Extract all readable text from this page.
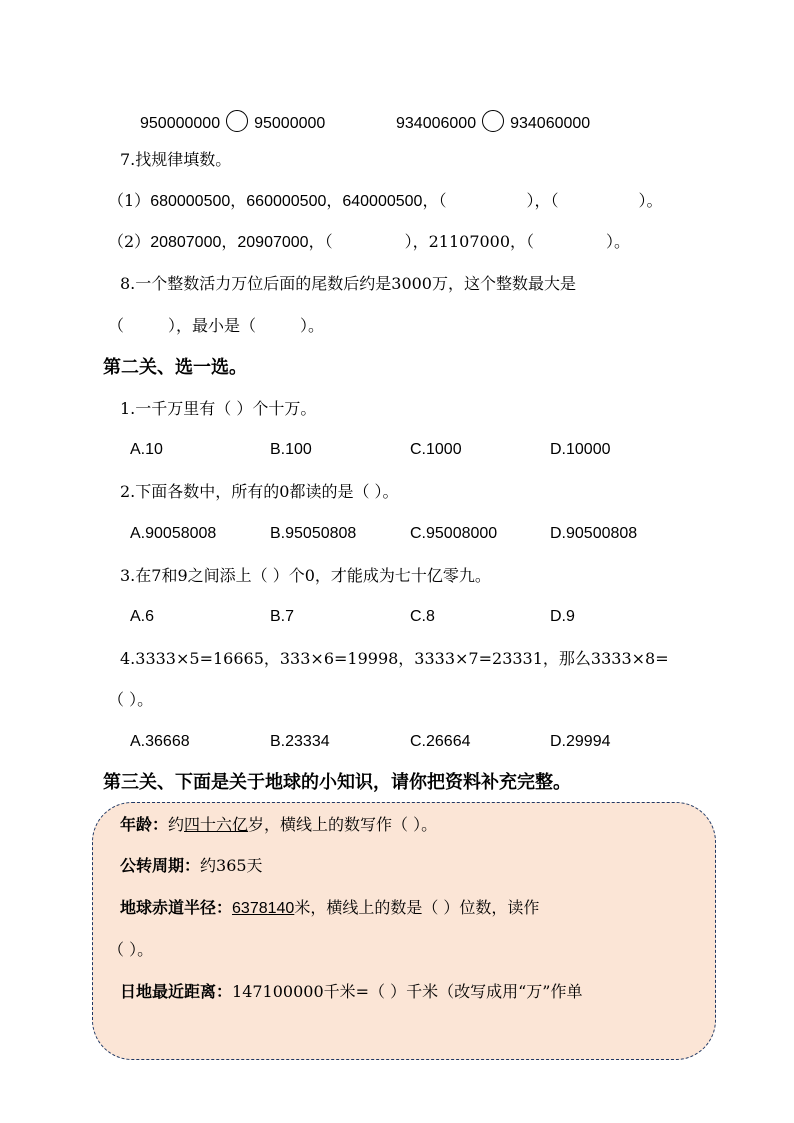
950000000 95000000	934006000 934060000
7.找规律填数。
（1）680000500，660000500，640000500，（	），（	）。
（2）20807000，20907000，（	），21107000，（	）。
8.一个整数活力万位后面的尾数后约是3000万，这个整数最大是
（	），最小是（	）。
第二关、选一选。
1.一千万里有（ ）个十万。
A.10	B.100	C.1000	D.10000
2.下面各数中，所有的0都读的是（ ）。
A.90058008	B.95050808	C.95008000	D.90500808
3.在7和9之间添上（ ）个0，才能成为七十亿零九。
A.6	B.7	C.8	D.9
4.3333×5=16665，333×6=19998，3333×7=23331，那么3333×8=
（ ）。
A.36668	B.23334	C.26664	D.29994
第三关、下面是关于地球的小知识，请你把资料补充完整。
年龄：约四十六亿岁，横线上的数写作（ ）。
公转周期：约365天
地球赤道半径：6378140米，横线上的数是（ ）位数，读作
（ ）。
日地最近距离：147100000千米=（ ）千米（改写成用“万”作单
